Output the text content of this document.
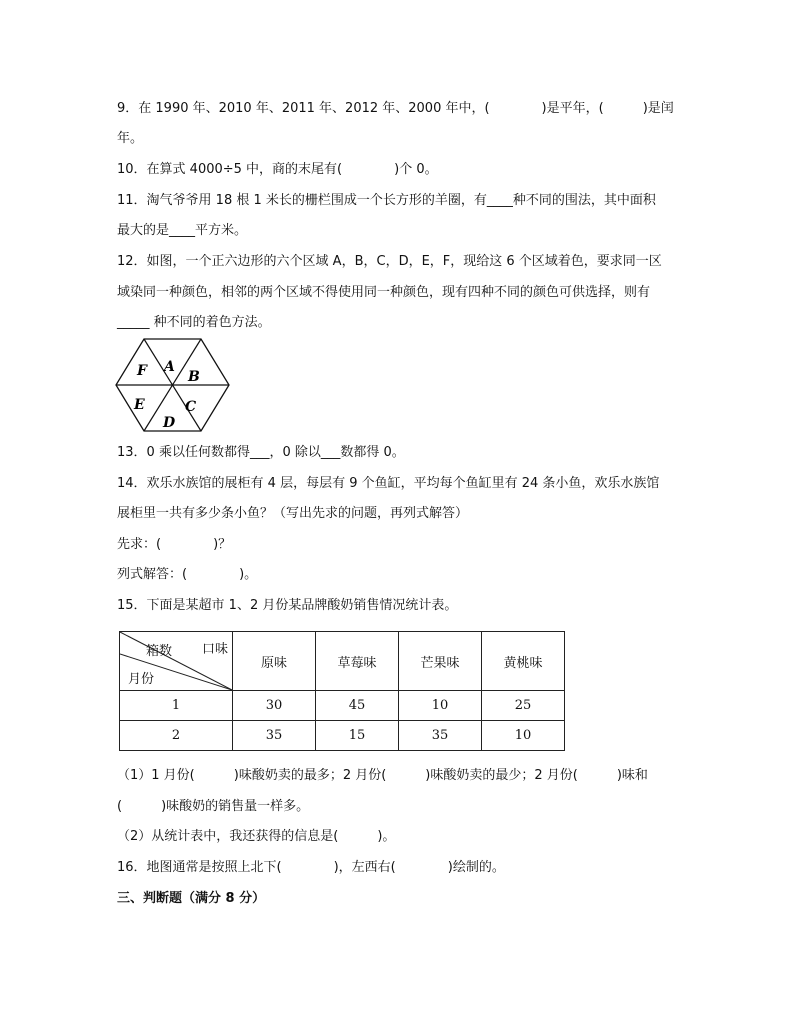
9．在 1990 年、2010 年、2011 年、2012 年、2000 年中，(　　　　)是平年，(　　　)是闰
年。
10．在算式 4000÷5 中，商的末尾有(　　　　)个 0。
11．淘气爷爷用 18 根 1 米长的栅栏围成一个长方形的羊圈，有____种不同的围法，其中面积
最大的是____平方米。
12．如图，一个正六边形的六个区域 A，B，C，D，E，F，现给这 6 个区域着色，要求同一区
域染同一种颜色，相邻的两个区域不得使用同一种颜色，现有四种不同的颜色可供选择，则有
_____ 种不同的着色方法。
A
B
C
D
E
F
13．0 乘以任何数都得___，0 除以___数都得 0。
14．欢乐水族馆的展柜有 4 层，每层有 9 个鱼缸，平均每个鱼缸里有 24 条小鱼，欢乐水族馆
展柜里一共有多少条小鱼？（写出先求的问题，再列式解答）
先求：(　　　　)？
列式解答：(　　　　)。
15．下面是某超市 1、2 月份某品牌酸奶销售情况统计表。
口味
箱数
月份	原味	草莓味	芒果味	黄桃味
1	30	45	10	25
2	35	15	35	10
（1）1 月份(　　　)味酸奶卖的最多；2 月份(　　　)味酸奶卖的最少；2 月份(　　　)味和
(　　　)味酸奶的销售量一样多。
（2）从统计表中，我还获得的信息是(　　　)。
16．地图通常是按照上北下(　　　　)，左西右(　　　　)绘制的。
三、判断题（满分 8 分）
